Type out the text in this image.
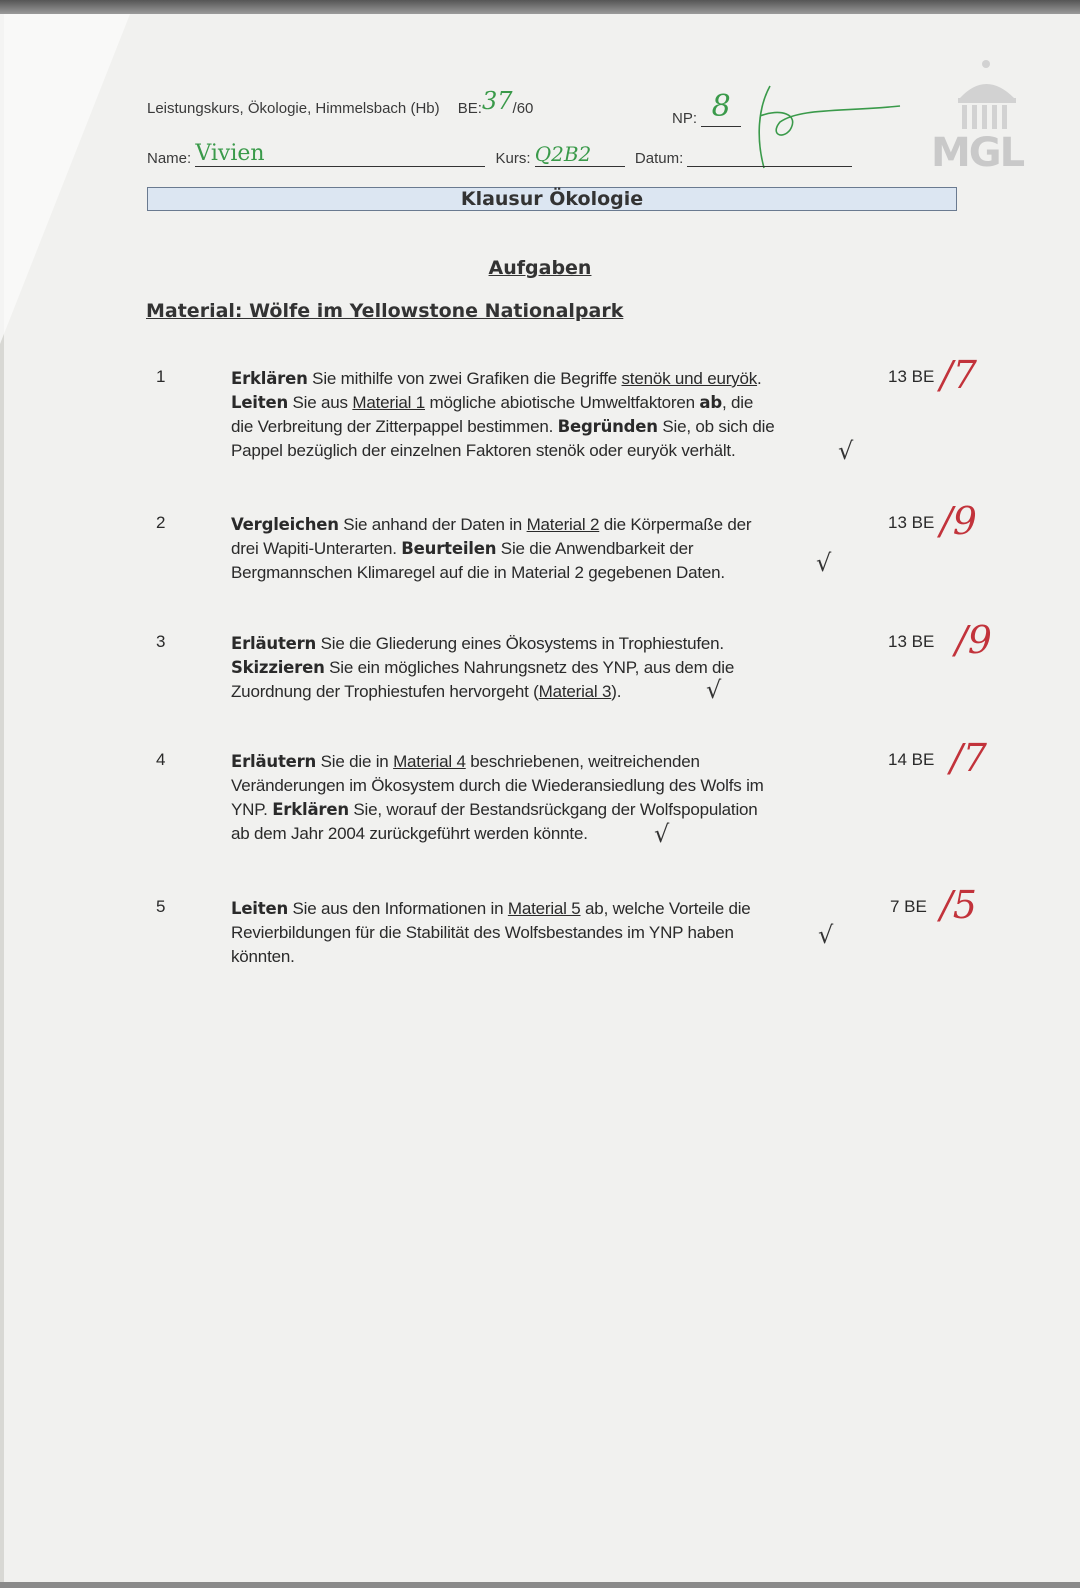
Leistungskurs, Ökologie, Himmelsbach (Hb) BE:37/60
NP: 8
Name: Vivien	Kurs: Q2B2	Datum:	MGL
Klausur Ökologie
Aufgaben
Material: Wölfe im Yellowstone Nationalpark
1	Erklären Sie mithilfe von zwei Grafiken die Begriffe stenök und euryök.
Leiten Sie aus Material 1 mögliche abiotische Umweltfaktoren ab, die
die Verbreitung der Zitterpappel bestimmen. Begründen Sie, ob sich die
Pappel bezüglich der einzelnen Faktoren stenök oder euryök verhält.
13 BE /7
√
2	Vergleichen Sie anhand der Daten in Material 2 die Körpermaße der
drei Wapiti-Unterarten. Beurteilen Sie die Anwendbarkeit der
Bergmannschen Klimaregel auf die in Material 2 gegebenen Daten.
13 BE /9
√
3	Erläutern Sie die Gliederung eines Ökosystems in Trophiestufen.
Skizzieren Sie ein mögliches Nahrungsnetz des YNP, aus dem die
Zuordnung der Trophiestufen hervorgeht (Material 3).
13 BE /9
√
4	Erläutern Sie die in Material 4 beschriebenen, weitreichenden
Veränderungen im Ökosystem durch die Wiederansiedlung des Wolfs im
YNP. Erklären Sie, worauf der Bestandsrückgang der Wolfspopulation
ab dem Jahr 2004 zurückgeführt werden könnte.
14 BE /7
√
5	Leiten Sie aus den Informationen in Material 5 ab, welche Vorteile die
Revierbildungen für die Stabilität des Wolfsbestandes im YNP haben
könnten.
7 BE /5
√
